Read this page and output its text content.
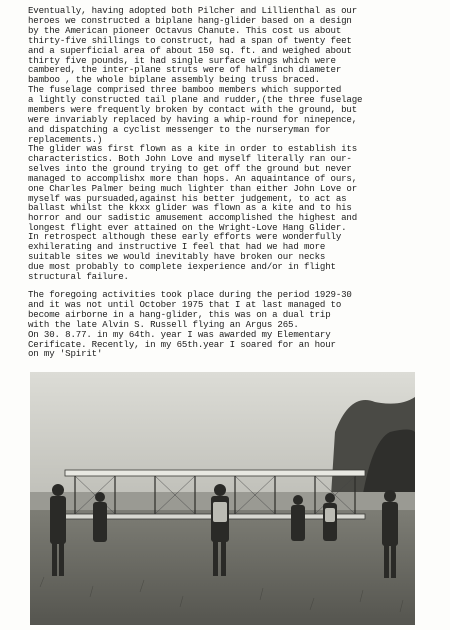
Eventually, having adopted both Pilcher and Lillienthal as our
heroes we constructed a biplane hang-glider based on a design
by the American pioneer Octavus Chanute. This cost us about
thirty-five shillings to construct, had a span of twenty feet
and a superficial area of about 150 sq. ft. and weighed about
thirty five pounds, it had single surface wings which were
cambered, the inter-plane struts were of half inch diameter
bamboo , the whole biplane assembly being truss braced.
The fuselage comprised three bamboo members which supported
a lightly constructed tail plane and rudder,(the three fuselage
members were frequently broken by contact with the ground, but
were invariably replaced by having a whip-round for ninepence,
and dispatching a cyclist messenger to the nurseryman for
replacements.)
The glider was first flown as a kite in order to establish its
characteristics. Both John Love and myself literally ran our-
selves into the ground trying to get off the ground but never
managed to accomplishx more than hops. An aquaintance of ours,
one Charles Palmer being much lighter than either John Love or
myself was pursuaded,against his better judgement, to act as
ballast whilst the kkxx glider was flown as a kite and to his
horror and our sadistic amusement accomplished the highest and
longest flight ever attained on the Wright-Love Hang Glider.
In retrospect although these early efforts were wonderfully
exhilerating and instructive I feel that had we had more
suitable sites we would inevitably have broken our necks
due most probably to complete iexperience and/or in flight
structural failure.
The foregoing activities took place during the period 1929-30
and it was not until October 1975 that I at last managed to
become airborne in a hang-glider, this was on a dual trip
with the late Alvin S. Russell flying an Argus 265.
On 30. 8.77. in my 64th. year I was awarded my Elementary
Cerificate. Recently, in my 65th.year I soared for an hour
on my 'Spirit'
